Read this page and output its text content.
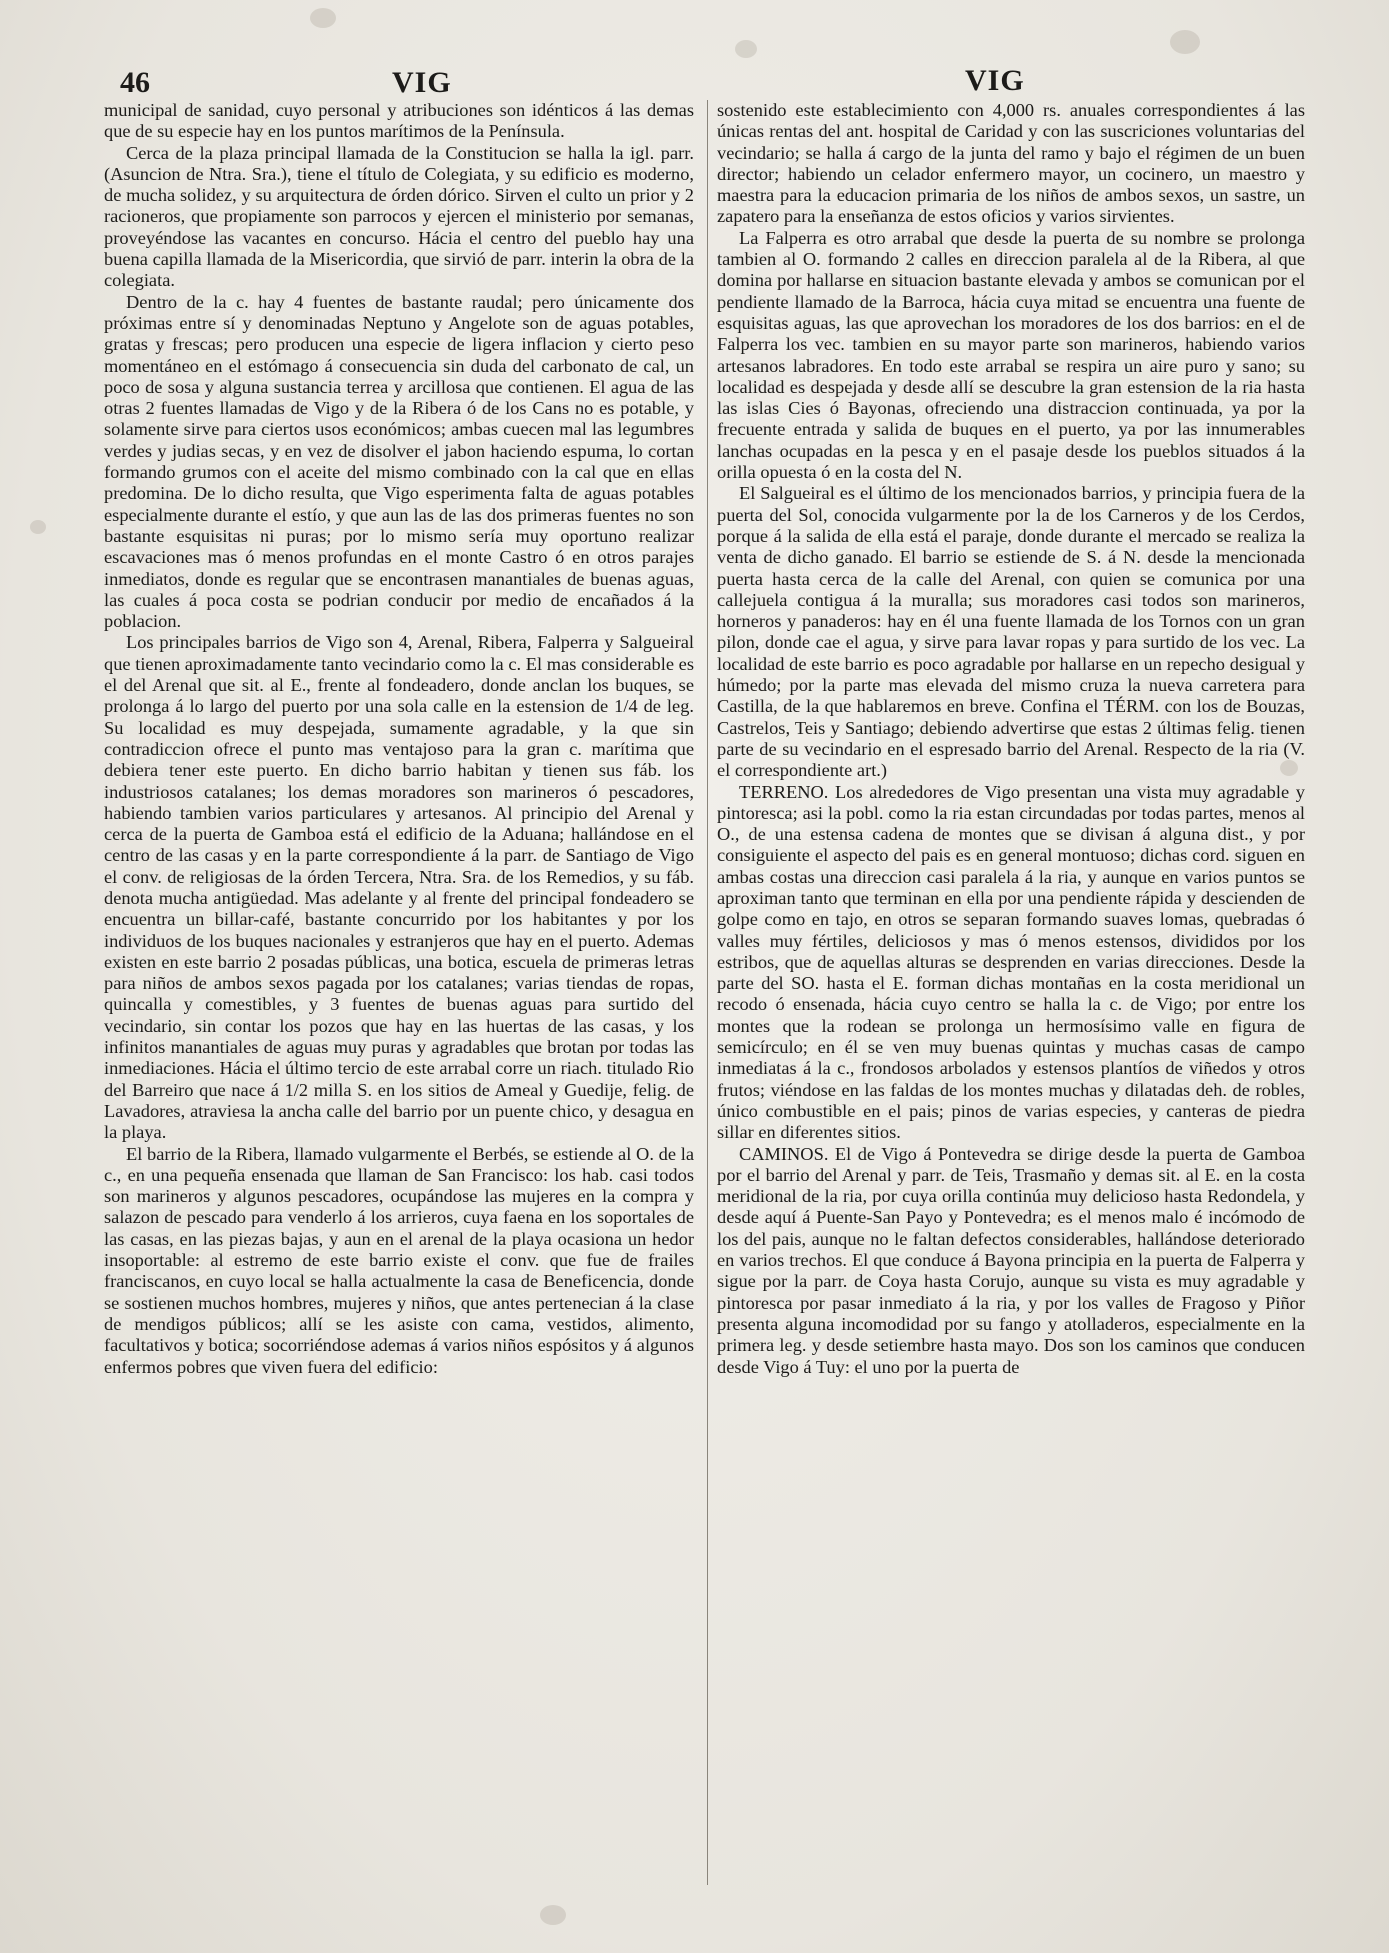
46	VIG	VIG

municipal de sanidad, cuyo personal y atribuciones son idénticos á las demas que de su especie hay en los puntos marítimos de la Península.

Cerca de la plaza principal llamada de la Constitucion se halla la igl. parr. (Asuncion de Ntra. Sra.), tiene el título de Colegiata, y su edificio es moderno, de mucha solidez, y su arquitectura de órden dórico. Sirven el culto un prior y 2 racioneros, que propiamente son parrocos y ejercen el ministerio por semanas, proveyéndose las vacantes en concurso. Hácia el centro del pueblo hay una buena capilla llamada de la Misericordia, que sirvió de parr. interin la obra de la colegiata.

Dentro de la c. hay 4 fuentes de bastante raudal; pero únicamente dos próximas entre sí y denominadas Neptuno y Angelote son de aguas potables, gratas y frescas; pero producen una especie de ligera inflacion y cierto peso momentáneo en el estómago á consecuencia sin duda del carbonato de cal, un poco de sosa y alguna sustancia terrea y arcillosa que contienen. El agua de las otras 2 fuentes llamadas de Vigo y de la Ribera ó de los Cans no es potable, y solamente sirve para ciertos usos económicos; ambas cuecen mal las legumbres verdes y judias secas, y en vez de disolver el jabon haciendo espuma, lo cortan formando grumos con el aceite del mismo combinado con la cal que en ellas predomina. De lo dicho resulta, que Vigo esperimenta falta de aguas potables especialmente durante el estío, y que aun las de las dos primeras fuentes no son bastante esquisitas ni puras; por lo mismo sería muy oportuno realizar escavaciones mas ó menos profundas en el monte Castro ó en otros parajes inmediatos, donde es regular que se encontrasen manantiales de buenas aguas, las cuales á poca costa se podrian conducir por medio de encañados á la poblacion.

Los principales barrios de Vigo son 4, Arenal, Ribera, Falperra y Salgueiral que tienen aproximadamente tanto vecindario como la c. El mas considerable es el del Arenal que sit. al E., frente al fondeadero, donde anclan los buques, se prolonga á lo largo del puerto por una sola calle en la estension de 1/4 de leg. Su localidad es muy despejada, sumamente agradable, y la que sin contradiccion ofrece el punto mas ventajoso para la gran c. marítima que debiera tener este puerto. En dicho barrio habitan y tienen sus fáb. los industriosos catalanes; los demas moradores son marineros ó pescadores, habiendo tambien varios particulares y artesanos. Al principio del Arenal y cerca de la puerta de Gamboa está el edificio de la Aduana; hallándose en el centro de las casas y en la parte correspondiente á la parr. de Santiago de Vigo el conv. de religiosas de la órden Tercera, Ntra. Sra. de los Remedios, y su fáb. denota mucha antigüedad. Mas adelante y al frente del principal fondeadero se encuentra un billar-café, bastante concurrido por los habitantes y por los individuos de los buques nacionales y estranjeros que hay en el puerto. Ademas existen en este barrio 2 posadas públicas, una botica, escuela de primeras letras para niños de ambos sexos pagada por los catalanes; varias tiendas de ropas, quincalla y comestibles, y 3 fuentes de buenas aguas para surtido del vecindario, sin contar los pozos que hay en las huertas de las casas, y los infinitos manantiales de aguas muy puras y agradables que brotan por todas las inmediaciones. Hácia el último tercio de este arrabal corre un riach. titulado Rio del Barreiro que nace á 1/2 milla S. en los sitios de Ameal y Guedije, felig. de Lavadores, atraviesa la ancha calle del barrio por un puente chico, y desagua en la playa.

El barrio de la Ribera, llamado vulgarmente el Berbés, se estiende al O. de la c., en una pequeña ensenada que llaman de San Francisco: los hab. casi todos son marineros y algunos pescadores, ocupándose las mujeres en la compra y salazon de pescado para venderlo á los arrieros, cuya faena en los soportales de las casas, en las piezas bajas, y aun en el arenal de la playa ocasiona un hedor insoportable: al estremo de este barrio existe el conv. que fue de frailes franciscanos, en cuyo local se halla actualmente la casa de Beneficencia, donde se sostienen muchos hombres, mujeres y niños, que antes pertenecian á la clase de mendigos públicos; allí se les asiste con cama, vestidos, alimento, facultativos y botica; socorriéndose ademas á varios niños espósitos y á algunos enfermos pobres que viven fuera del edificio:

sostenido este establecimiento con 4,000 rs. anuales correspondientes á las únicas rentas del ant. hospital de Caridad y con las suscriciones voluntarias del vecindario; se halla á cargo de la junta del ramo y bajo el régimen de un buen director; habiendo un celador enfermero mayor, un cocinero, un maestro y maestra para la educacion primaria de los niños de ambos sexos, un sastre, un zapatero para la enseñanza de estos oficios y varios sirvientes.

La Falperra es otro arrabal que desde la puerta de su nombre se prolonga tambien al O. formando 2 calles en direccion paralela al de la Ribera, al que domina por hallarse en situacion bastante elevada y ambos se comunican por el pendiente llamado de la Barroca, hácia cuya mitad se encuentra una fuente de esquisitas aguas, las que aprovechan los moradores de los dos barrios: en el de Falperra los vec. tambien en su mayor parte son marineros, habiendo varios artesanos labradores. En todo este arrabal se respira un aire puro y sano; su localidad es despejada y desde allí se descubre la gran estension de la ria hasta las islas Cies ó Bayonas, ofreciendo una distraccion continuada, ya por la frecuente entrada y salida de buques en el puerto, ya por las innumerables lanchas ocupadas en la pesca y en el pasaje desde los pueblos situados á la orilla opuesta ó en la costa del N.

El Salgueiral es el último de los mencionados barrios, y principia fuera de la puerta del Sol, conocida vulgarmente por la de los Carneros y de los Cerdos, porque á la salida de ella está el paraje, donde durante el mercado se realiza la venta de dicho ganado. El barrio se estiende de S. á N. desde la mencionada puerta hasta cerca de la calle del Arenal, con quien se comunica por una callejuela contigua á la muralla; sus moradores casi todos son marineros, horneros y panaderos: hay en él una fuente llamada de los Tornos con un gran pilon, donde cae el agua, y sirve para lavar ropas y para surtido de los vec. La localidad de este barrio es poco agradable por hallarse en un repecho desigual y húmedo; por la parte mas elevada del mismo cruza la nueva carretera para Castilla, de la que hablaremos en breve. Confina el TÉRM. con los de Bouzas, Castrelos, Teis y Santiago; debiendo advertirse que estas 2 últimas felig. tienen parte de su vecindario en el espresado barrio del Arenal. Respecto de la ria (V. el correspondiente art.)

TERRENO. Los alrededores de Vigo presentan una vista muy agradable y pintoresca; asi la pobl. como la ria estan circundadas por todas partes, menos al O., de una estensa cadena de montes que se divisan á alguna dist., y por consiguiente el aspecto del pais es en general montuoso; dichas cord. siguen en ambas costas una direccion casi paralela á la ria, y aunque en varios puntos se aproximan tanto que terminan en ella por una pendiente rápida y descienden de golpe como en tajo, en otros se separan formando suaves lomas, quebradas ó valles muy fértiles, deliciosos y mas ó menos estensos, divididos por los estribos, que de aquellas alturas se desprenden en varias direcciones. Desde la parte del SO. hasta el E. forman dichas montañas en la costa meridional un recodo ó ensenada, hácia cuyo centro se halla la c. de Vigo; por entre los montes que la rodean se prolonga un hermosísimo valle en figura de semicírculo; en él se ven muy buenas quintas y muchas casas de campo inmediatas á la c., frondosos arbolados y estensos plantíos de viñedos y otros frutos; viéndose en las faldas de los montes muchas y dilatadas deh. de robles, único combustible en el pais; pinos de varias especies, y canteras de piedra sillar en diferentes sitios.

CAMINOS. El de Vigo á Pontevedra se dirige desde la puerta de Gamboa por el barrio del Arenal y parr. de Teis, Trasmaño y demas sit. al E. en la costa meridional de la ria, por cuya orilla continúa muy delicioso hasta Redondela, y desde aquí á Puente-San Payo y Pontevedra; es el menos malo é incómodo de los del pais, aunque no le faltan defectos considerables, hallándose deteriorado en varios trechos. El que conduce á Bayona principia en la puerta de Falperra y sigue por la parr. de Coya hasta Corujo, aunque su vista es muy agradable y pintoresca por pasar inmediato á la ria, y por los valles de Fragoso y Piñor presenta alguna incomodidad por su fango y atolladeros, especialmente en la primera leg. y desde setiembre hasta mayo. Dos son los caminos que conducen desde Vigo á Tuy: el uno por la puerta de
